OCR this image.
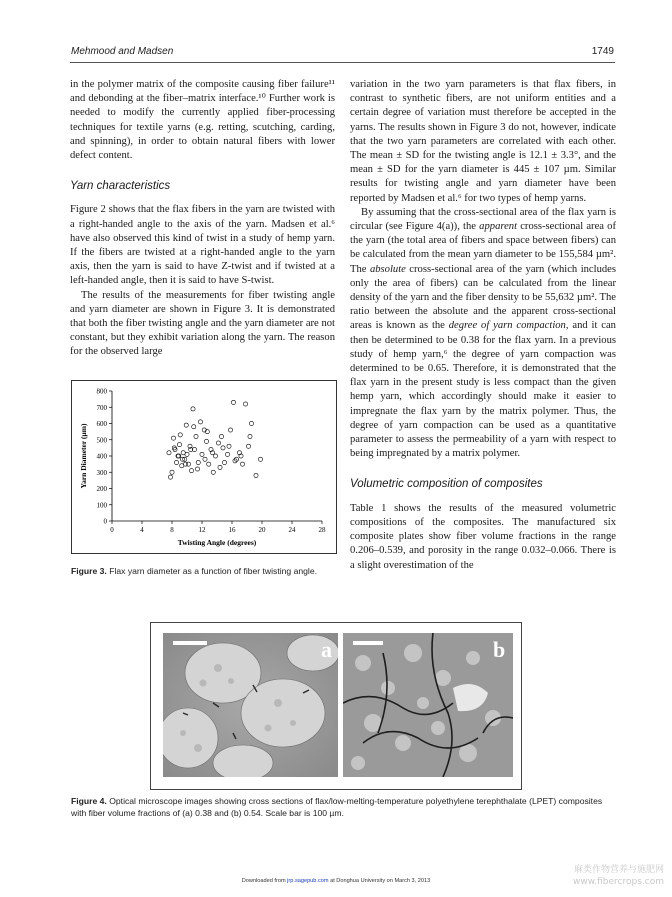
Mehmood and Madsen	1749

in the polymer matrix of the composite causing fiber failure¹¹ and debonding at the fiber–matrix interface.¹⁰ Further work is needed to modify the currently applied fiber-processing techniques for textile yarns (e.g. retting, scutching, carding, and spinning), in order to obtain natural fibers with lower defect content.

Yarn characteristics

Figure 2 shows that the flax fibers in the yarn are twisted with a right-handed angle to the axis of the yarn. Madsen et al.⁶ have also observed this kind of twist in a study of hemp yarn. If the fibers are twisted at a right-handed angle to the yarn axis, then the yarn is said to have Z-twist and if twisted at a left-handed angle, then it is said to have S-twist.

The results of the measurements for fiber twisting angle and yarn diameter are shown in Figure 3. It is demonstrated that both the fiber twisting angle and the yarn diameter are not constant, but they exhibit variation along the yarn. The reason for the observed large

0
100
200
300
400
500
600
700
800
0	4	8	12	16	20	24	28
Twisting Angle (degrees)
Yarn Diameter (µm)
Figure 3. Flax yarn diameter as a function of fiber twisting angle.

variation in the two yarn parameters is that flax fibers, in contrast to synthetic fibers, are not uniform entities and a certain degree of variation must therefore be accepted in the yarns. The results shown in Figure 3 do not, however, indicate that the two yarn parameters are correlated with each other. The mean ± SD for the twisting angle is 12.1 ± 3.3°, and the mean ± SD for the yarn diameter is 445 ± 107 µm. Similar results for twisting angle and yarn diameter have been reported by Madsen et al.⁶ for two types of hemp yarns.

By assuming that the cross-sectional area of the flax yarn is circular (see Figure 4(a)), the apparent cross-sectional area of the yarn (the total area of fibers and space between fibers) can be calculated from the mean yarn diameter to be 155,584 µm². The absolute cross-sectional area of the yarn (which includes only the area of fibers) can be calculated from the linear density of the yarn and the fiber density to be 55,632 µm². The ratio between the absolute and the apparent cross-sectional areas is known as the degree of yarn compaction, and it can then be determined to be 0.38 for the flax yarn. In a previous study of hemp yarn,⁶ the degree of yarn compaction was determined to be 0.65. Therefore, it is demonstrated that the flax yarn in the present study is less compact than the given hemp yarn, which accordingly should make it easier to impregnate the flax yarn by the matrix polymer. Thus, the degree of yarn compaction can be used as a quantitative parameter to assess the permeability of a yarn with respect to being impregnated by a matrix polymer.

Volumetric composition of composites

Table 1 shows the results of the measured volumetric compositions of the composites. The manufactured six composite plates show fiber volume fractions in the range 0.206–0.539, and porosity in the range 0.032–0.066. There is a slight overestimation of the

a	b
Figure 4. Optical microscope images showing cross sections of flax/low-melting-temperature polyethylene terephthalate (LPET) composites with fiber volume fractions of (a) 0.38 and (b) 0.54. Scale bar is 100 µm.
Downloaded from jrp.sagepub.com at Donghua University on March 3, 2013
麻类作物营养与施肥网
www.fibercrops.com
